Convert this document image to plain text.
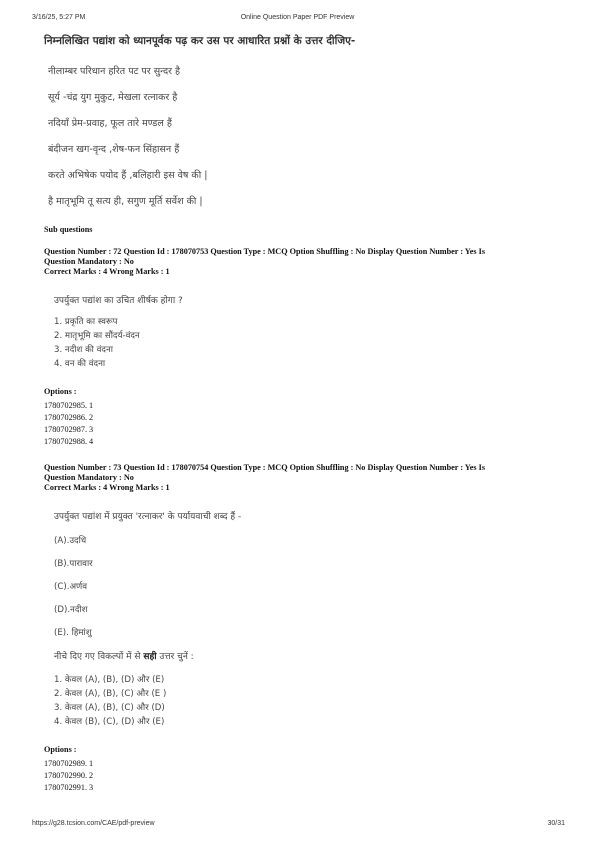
3/16/25, 5:27 PM	Online Question Paper PDF Preview

निम्नलिखित पद्यांश को ध्यानपूर्वक पढ़ कर उस पर आधारित प्रश्नों के उत्तर दीजिए-

नीलाम्बर परिधान हरित पट पर सुन्दर है

सूर्य -चंद्र युग मुकुट, मेखला रत्नाकर है

नदियाँ प्रेम-प्रवाह, फूल तारे मण्डल हैं

बंदीजन खग-वृन्द ,शेष-फन सिंहासन हैं

करते अभिषेक पयोद हैं ,बलिहारी इस वेष की |

है मातृभूमि तू सत्य ही, सगुण मूर्ति सर्वेश की |

Sub questions

Question Number : 72 Question Id : 178070753 Question Type : MCQ Option Shuffling : No Display Question Number : Yes Is

Question Mandatory : No

Correct Marks : 4 Wrong Marks : 1

उपर्युक्त पद्यांश का उचित शीर्षक होगा ?

1. प्रकृति का स्वरूप

2. मातृभूमि का सौंदर्य-वंदन

3. नदीश की वंदना

4. वन की वंदना

Options :

1780702985. 1

1780702986. 2

1780702987. 3

1780702988. 4

Question Number : 73 Question Id : 178070754 Question Type : MCQ Option Shuffling : No Display Question Number : Yes Is

Question Mandatory : No

Correct Marks : 4 Wrong Marks : 1

उपर्युक्त पद्यांश में प्रयुक्त 'रत्नाकर' के पर्यायवाची शब्द हैं -

(A).उदधि

(B).पारावार

(C).अर्णव

(D).नदीश

(E). हिमांशु

नीचे दिए गए विकल्पों में से सही उत्तर चुनें :

1. केवल (A), (B), (D) और (E)

2. केवल (A), (B), (C) और (E )

3. केवल (A), (B), (C) और (D)

4. केवल (B), (C), (D) और (E)

Options :

1780702989. 1

1780702990. 2

1780702991. 3

https://g28.tcsion.com/CAE/pdf-preview	30/31
